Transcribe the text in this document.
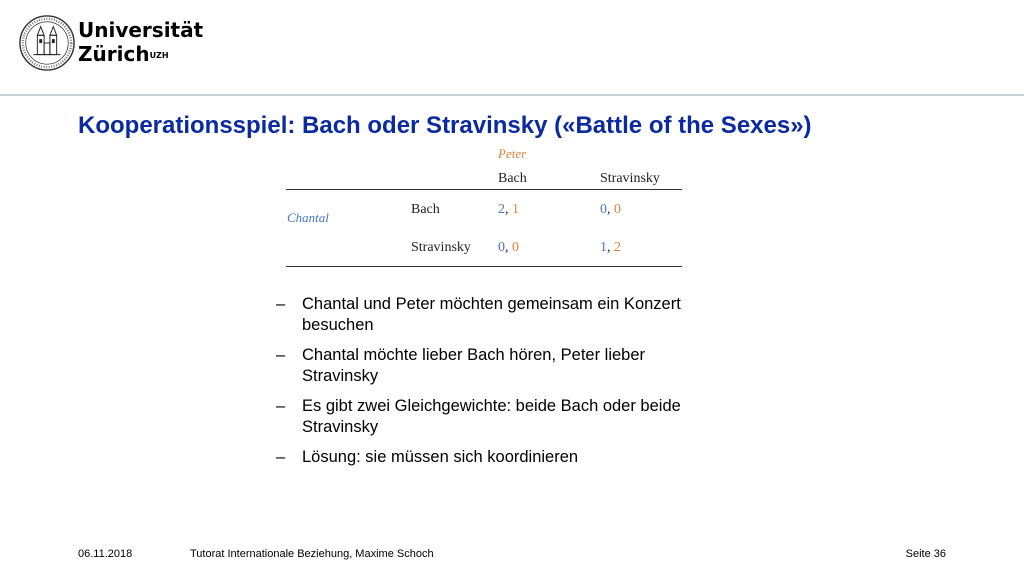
Universität
Zürich$^{UZH}$
Kooperationsspiel: Bach oder Stravinsky («Battle of the Sexes»)
Peter
Bach	Stravinsky
Chantal
Bach	2, 1	0, 0
Stravinsky 0, 0	1, 2
– Chantal und Peter möchten gemeinsam ein Konzert besuchen
– Chantal möchte lieber Bach hören, Peter lieber Stravinsky
– Es gibt zwei Gleichgewichte: beide Bach oder beide Stravinsky
– Lösung: sie müssen sich koordinieren
06.11.2018	Tutorat Internationale Beziehung, Maxime Schoch	Seite 36
